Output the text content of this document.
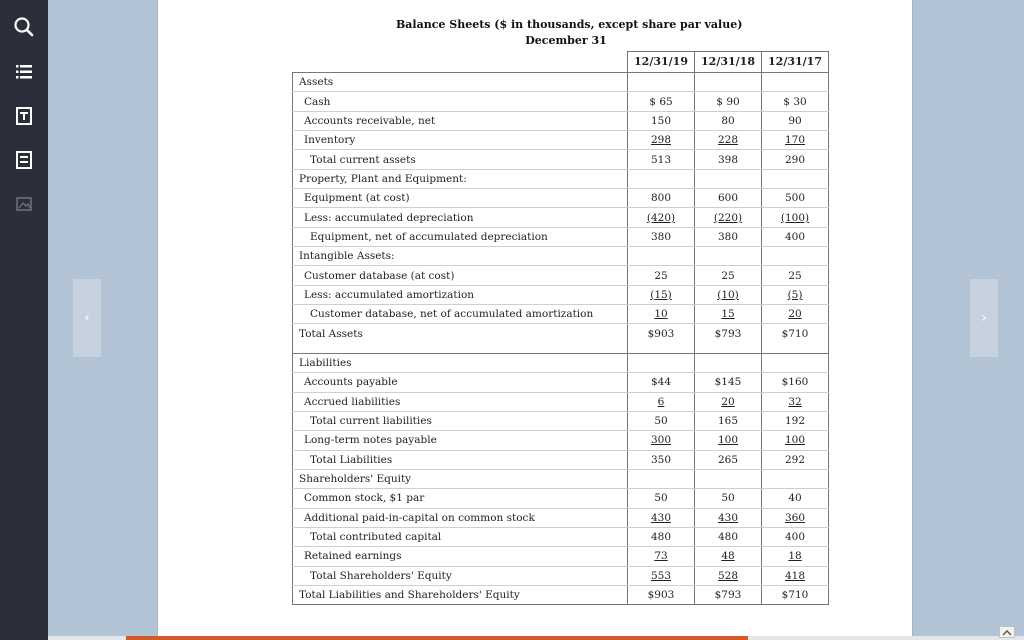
‹	›
Balance Sheets ($ in thousands, except share par value)
December 31
	12/31/19	12/31/18	12/31/17
Assets			
Cash	$ 65	$ 90	$ 30
Accounts receivable, net	150	80	90
Inventory	298	228	170
Total current assets	513	398	290
Property, Plant and Equipment:			
Equipment (at cost)	800	600	500
Less: accumulated depreciation	(420)	(220)	(100)
Equipment, net of accumulated depreciation	380	380	400
Intangible Assets:			
Customer database (at cost)	25	25	25
Less: accumulated amortization	(15)	(10)	(5)
Customer database, net of accumulated amortization	10	15	20
Total Assets	$903	$793	$710

Liabilities			
Accounts payable	$44	$145	$160
Accrued liabilities	6	20	32
Total current liabilities	50	165	192
Long-term notes payable	300	100	100
Total Liabilities	350	265	292
Shareholders' Equity			
Common stock, $1 par	50	50	40
Additional paid-in-capital on common stock	430	430	360
Total contributed capital	480	480	400
Retained earnings	73	48	18
Total Shareholders' Equity	553	528	418
Total Liabilities and Shareholders' Equity	$903	$793	$710
